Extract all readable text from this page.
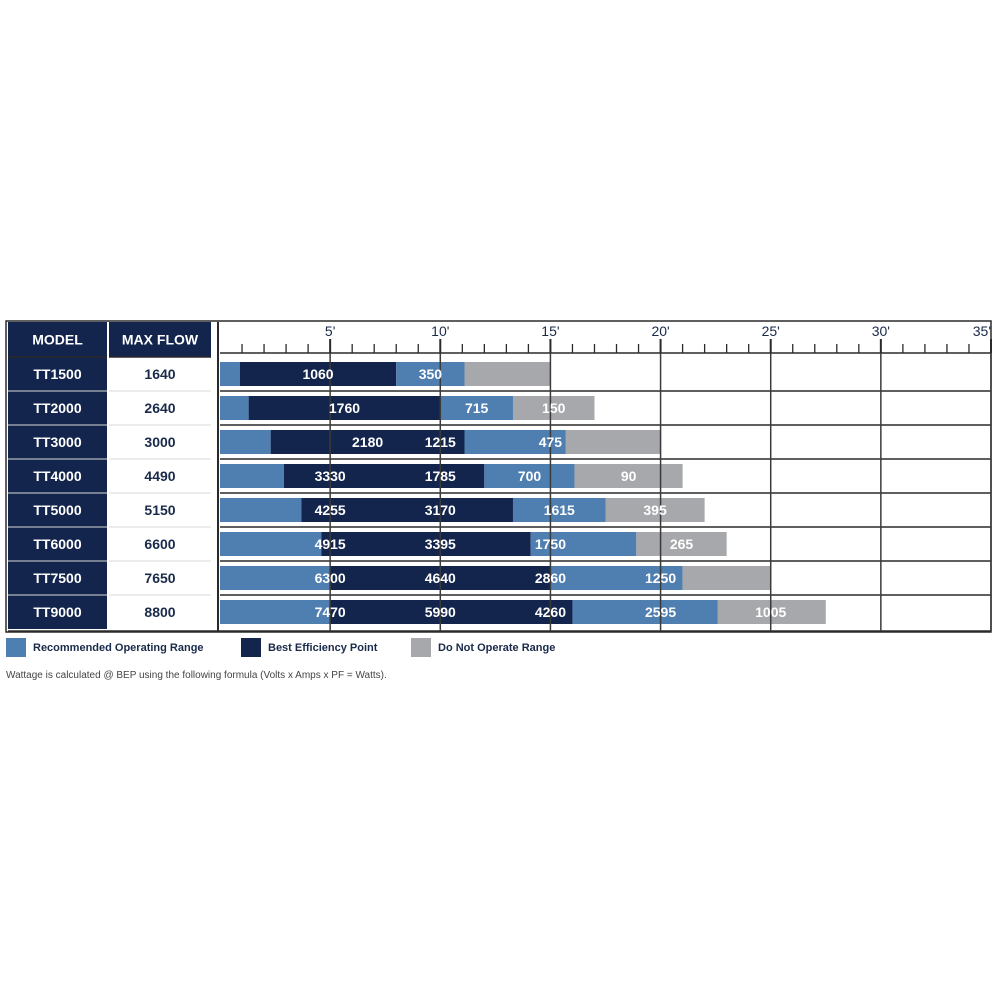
MODEL	MAX FLOW
TT1500	1640
TT2000	2640
TT3000	3000
TT4000	4490
TT5000	5150
TT6000	6600
TT7500	7650
TT9000	8800
5'	10'	15'	20'	25'	30'	35'
1060	350
1760	715	150
2180	1215	475
3330	1785	700	90
4255	3170	1615	395
4915	3395	1750	265
6300	4640	2860	1250
7470	5990	4260	2595	1005
Recommended Operating Range	Best Efficiency Point	Do Not Operate Range
Wattage is calculated @ BEP using the following formula (Volts x Amps x PF = Watts).
